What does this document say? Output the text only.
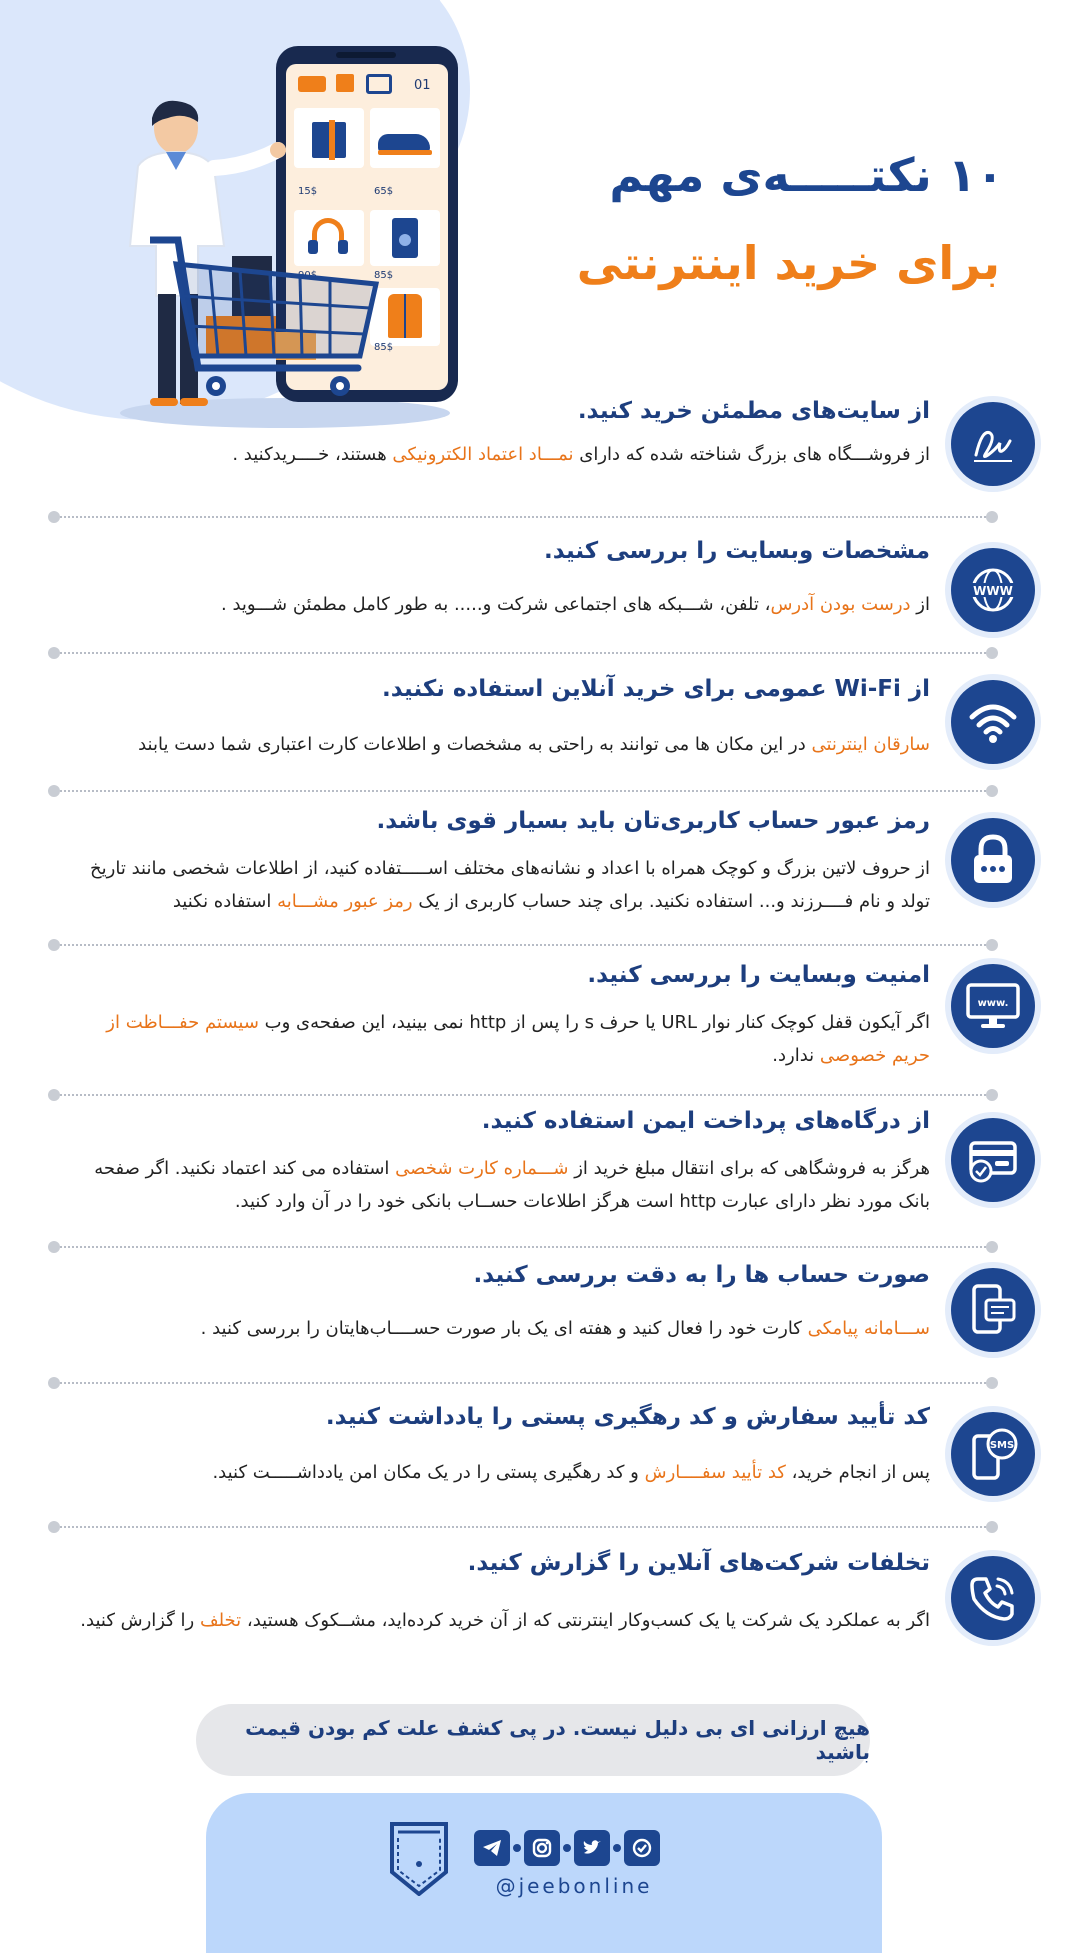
01
15$	65$
85$
85$
۱۰ نکتـــــه‌ی مهم
برای خرید اینترنتی
از سایت‌های مطمئن خرید کنید.
از فروشـــگاه های بزرگ شناخته شده که دارای نمـــاد اعتماد الکترونیکی هستند، خــــریدکنید .
WWW
مشخصات وبسایت را بررسی کنید.
از درست بودن آدرس، تلفن، شـــبکه های اجتماعی شرکت و..... به طور کامل مطمئن شـــوید .
از Wi-Fi عمومی برای خرید آنلاین استفاده نکنید.
سارقان اینترنتی در این مکان ها می توانند به راحتی به مشخصات و اطلاعات کارت اعتباری شما دست یابند
رمز عبور حساب کاربری‌تان باید بسیار قوی باشد.
از حروف لاتین بزرگ و کوچک همراه با اعداد و نشانه‌های مختلف اســـــتفاده کنید، از اطلاعات شخصی مانند تاریخ تولد و نام فــــرزند و... استفاده نکنید. برای چند حساب کاربری از یک رمز عبور مشـــابه استفاده نکنید
www.
امنیت وبسایت را بررسی کنید.
اگر آیکون قفل کوچک کنار نوار URL یا حرف s را پس از http نمی بینید، این صفحه‌ی وب سیستم حفـــاظت از حریم خصوصی ندارد.
از درگاه‌های پرداخت ایمن استفاده کنید.
هرگز به فروشگاهی که برای انتقال مبلغ خرید از شـــماره کارت شخصی استفاده می کند اعتماد نکنید. اگر صفحه بانک مورد نظر دارای عبارت http است هرگز اطلاعات حســاب بانکی خود را در آن وارد کنید.
صورت حساب ها را به دقت بررسی کنید.
ســـامانه پیامکی کارت خود را فعال کنید و هفته ای یک بار صورت حســــاب‌هایتان را بررسی کنید .
SMS
کد تأیید سفارش و کد رهگیری پستی را یادداشت کنید.
پس از انجام خرید، کد تأیید سفــــارش و کد رهگیری پستی را در یک مکان امن یادداشـــــت کنید.
تخلفات شرکت‌های آنلاین را گزارش کنید.
اگر به عملکرد یک شرکت یا یک کسب‌وکار اینترنتی که از آن خرید کرده‌اید، مشــکوک هستید، تخلف را گزارش کنید.
هیچ ارزانی ای بی دلیل نیست. در پی کشف علت کم بودن قیمت باشید
@jeebonline
